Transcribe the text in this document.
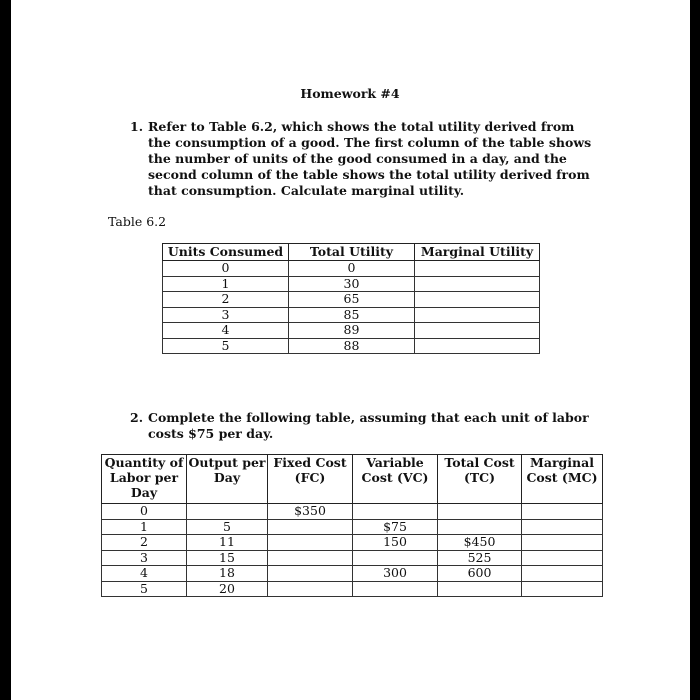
Homework #4
1. Refer to Table 6.2, which shows the total utility derived from the consumption of a good. The first column of the table shows the number of units of the good consumed in a day, and the second column of the table shows the total utility derived from that consumption. Calculate marginal utility.
Table 6.2
Units Consumed	Total Utility	Marginal Utility
0	0	
1	30	
2	65	
3	85	
4	89	
5	88	
2. Complete the following table, assuming that each unit of labor costs $75 per day.
Quantity of Labor per Day	Output per Day	Fixed Cost (FC)	Variable Cost (VC)	Total Cost (TC)	Marginal Cost (MC)
0		$350			
1	5		$75		
2	11		150	$450	
3	15			525	
4	18		300	600	
5	20				
